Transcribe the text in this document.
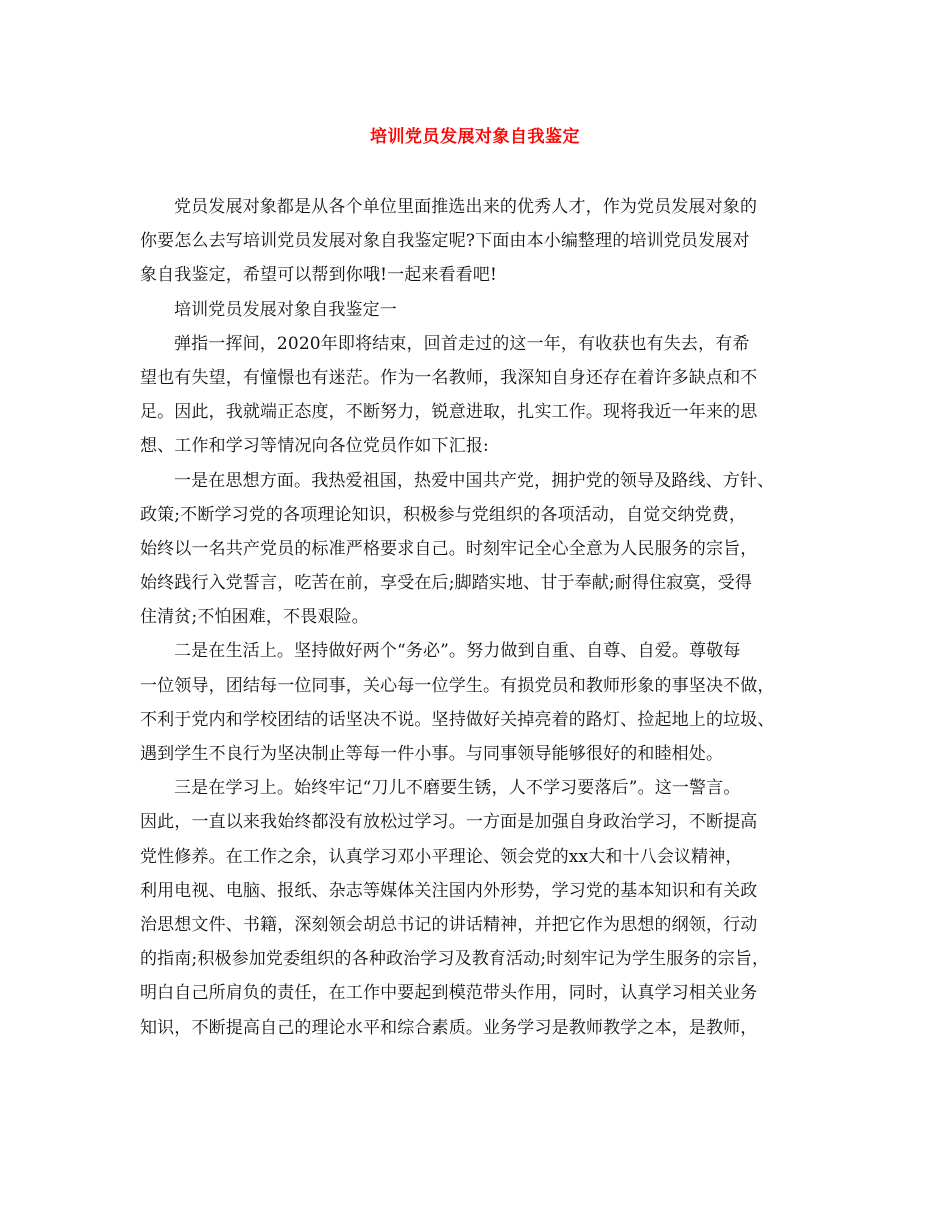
培训党员发展对象自我鉴定
党员发展对象都是从各个单位里面推选出来的优秀人才，作为党员发展对象的
你要怎么去写培训党员发展对象自我鉴定呢?下面由本小编整理的培训党员发展对
象自我鉴定，希望可以帮到你哦!一起来看看吧!
培训党员发展对象自我鉴定一
弹指一挥间，2020年即将结束，回首走过的这一年，有收获也有失去，有希
望也有失望，有憧憬也有迷茫。作为一名教师，我深知自身还存在着许多缺点和不
足。因此，我就端正态度，不断努力，锐意进取，扎实工作。现将我近一年来的思
想、工作和学习等情况向各位党员作如下汇报:
一是在思想方面。我热爱祖国，热爱中国共产党，拥护党的领导及路线、方针、
政策;不断学习党的各项理论知识，积极参与党组织的各项活动，自觉交纳党费，
始终以一名共产党员的标准严格要求自己。时刻牢记全心全意为人民服务的宗旨，
始终践行入党誓言，吃苦在前，享受在后;脚踏实地、甘于奉献;耐得住寂寞，受得
住清贫;不怕困难，不畏艰险。
二是在生活上。坚持做好两个“务必”。努力做到自重、自尊、自爱。尊敬每
一位领导，团结每一位同事，关心每一位学生。有损党员和教师形象的事坚决不做，
不利于党内和学校团结的话坚决不说。坚持做好关掉亮着的路灯、捡起地上的垃圾、
遇到学生不良行为坚决制止等每一件小事。与同事领导能够很好的和睦相处。
三是在学习上。始终牢记“刀儿不磨要生锈，人不学习要落后”。这一警言。
因此，一直以来我始终都没有放松过学习。一方面是加强自身政治学习，不断提高
党性修养。在工作之余，认真学习邓小平理论、领会党的xx大和十八会议精神，
利用电视、电脑、报纸、杂志等媒体关注国内外形势，学习党的基本知识和有关政
治思想文件、书籍，深刻领会胡总书记的讲话精神，并把它作为思想的纲领，行动
的指南;积极参加党委组织的各种政治学习及教育活动;时刻牢记为学生服务的宗旨，
明白自己所肩负的责任，在工作中要起到模范带头作用，同时，认真学习相关业务
知识，不断提高自己的理论水平和综合素质。业务学习是教师教学之本，是教师，
